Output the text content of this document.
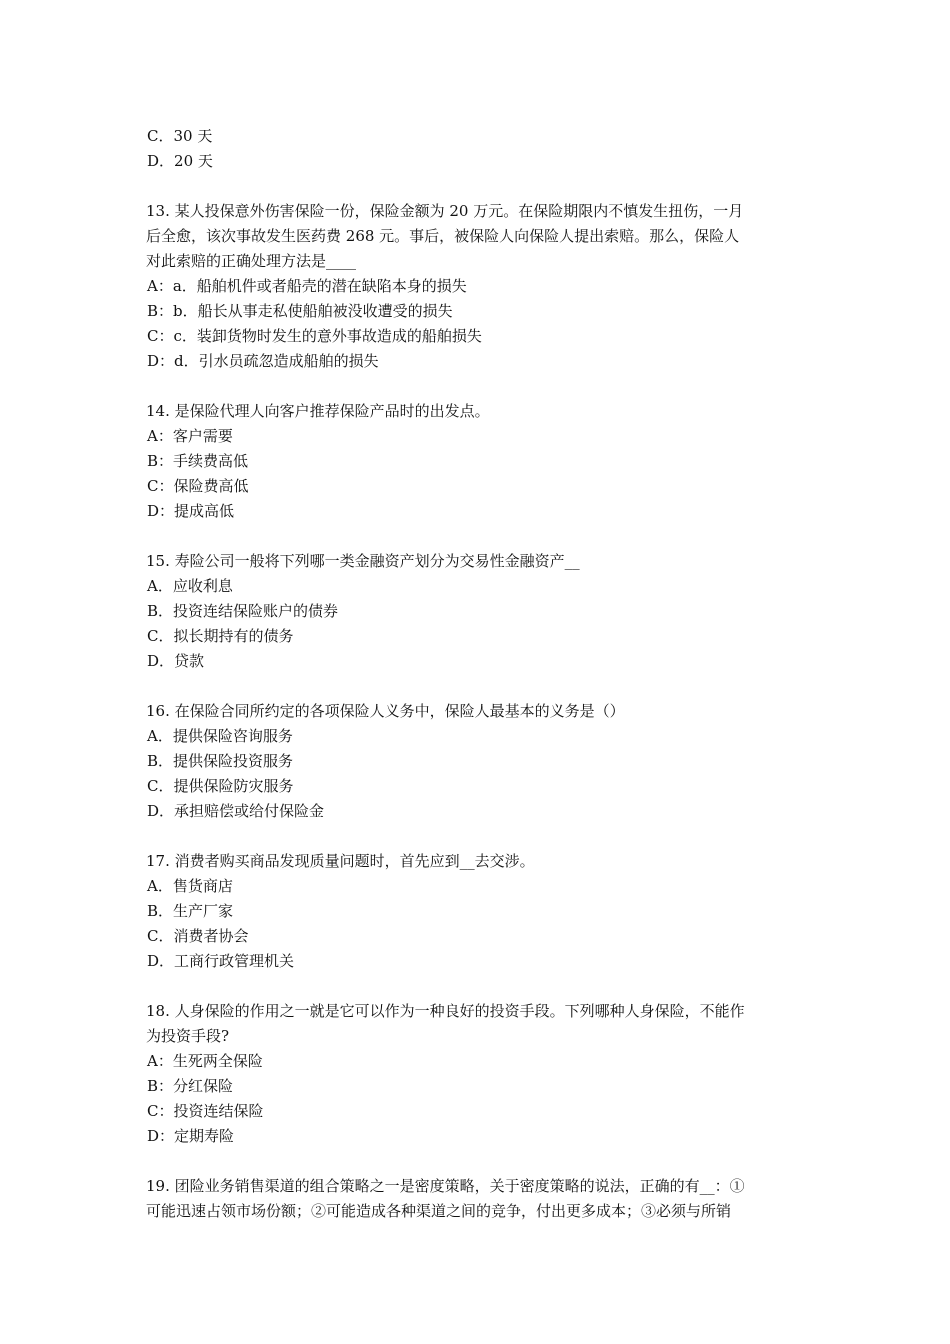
C．30 天
D．20 天
13. 某人投保意外伤害保险一份，保险金额为 20 万元。在保险期限内不慎发生扭伤，一月
后全愈，该次事故发生医药费 268 元。事后，被保险人向保险人提出索赔。那么，保险人
对此索赔的正确处理方法是____
A：a．船舶机件或者船壳的潜在缺陷本身的损失
B：b．船长从事走私使船舶被没收遭受的损失
C：c．装卸货物时发生的意外事故造成的船舶损失
D：d．引水员疏忽造成船舶的损失
14. 是保险代理人向客户推荐保险产品时的出发点。
A：客户需要
B：手续费高低
C：保险费高低
D：提成高低
15. 寿险公司一般将下列哪一类金融资产划分为交易性金融资产__
A．应收利息
B．投资连结保险账户的债券
C．拟长期持有的债务
D．贷款
16. 在保险合同所约定的各项保险人义务中，保险人最基本的义务是（）
A．提供保险咨询服务
B．提供保险投资服务
C．提供保险防灾服务
D．承担赔偿或给付保险金
17. 消费者购买商品发现质量问题时，首先应到__去交涉。
A．售货商店
B．生产厂家
C．消费者协会
D．工商行政管理机关
18. 人身保险的作用之一就是它可以作为一种良好的投资手段。下列哪种人身保险，不能作
为投资手段?
A：生死两全保险
B：分红保险
C：投资连结保险
D：定期寿险
19. 团险业务销售渠道的组合策略之一是密度策略，关于密度策略的说法，正确的有__：①
可能迅速占领市场份额；②可能造成各种渠道之间的竞争，付出更多成本；③必须与所销
